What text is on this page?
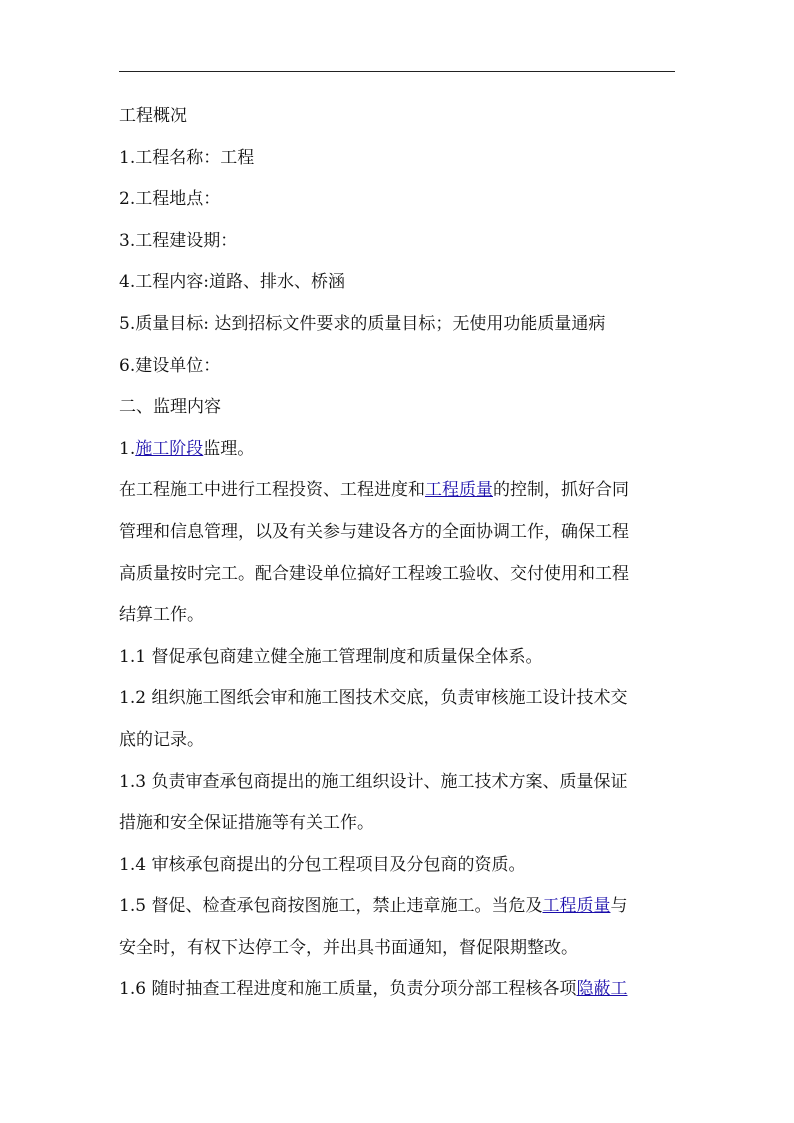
工程概况
1.工程名称：工程
2.工程地点：
3.工程建设期：
4.工程内容:道路、排水、桥涵
5.质量目标: 达到招标文件要求的质量目标；无使用功能质量通病
6.建设单位：
二、监理内容
1.施工阶段监理。
在工程施工中进行工程投资、工程进度和工程质量的控制，抓好合同
管理和信息管理，以及有关参与建设各方的全面协调工作，确保工程
高质量按时完工。配合建设单位搞好工程竣工验收、交付使用和工程
结算工作。
1.1 督促承包商建立健全施工管理制度和质量保全体系。
1.2 组织施工图纸会审和施工图技术交底，负责审核施工设计技术交
底的记录。
1.3 负责审查承包商提出的施工组织设计、施工技术方案、质量保证
措施和安全保证措施等有关工作。
1.4 审核承包商提出的分包工程项目及分包商的资质。
1.5 督促、检查承包商按图施工，禁止违章施工。当危及工程质量与
安全时，有权下达停工令，并出具书面通知，督促限期整改。
1.6 随时抽查工程进度和施工质量，负责分项分部工程核各项隐蔽工
